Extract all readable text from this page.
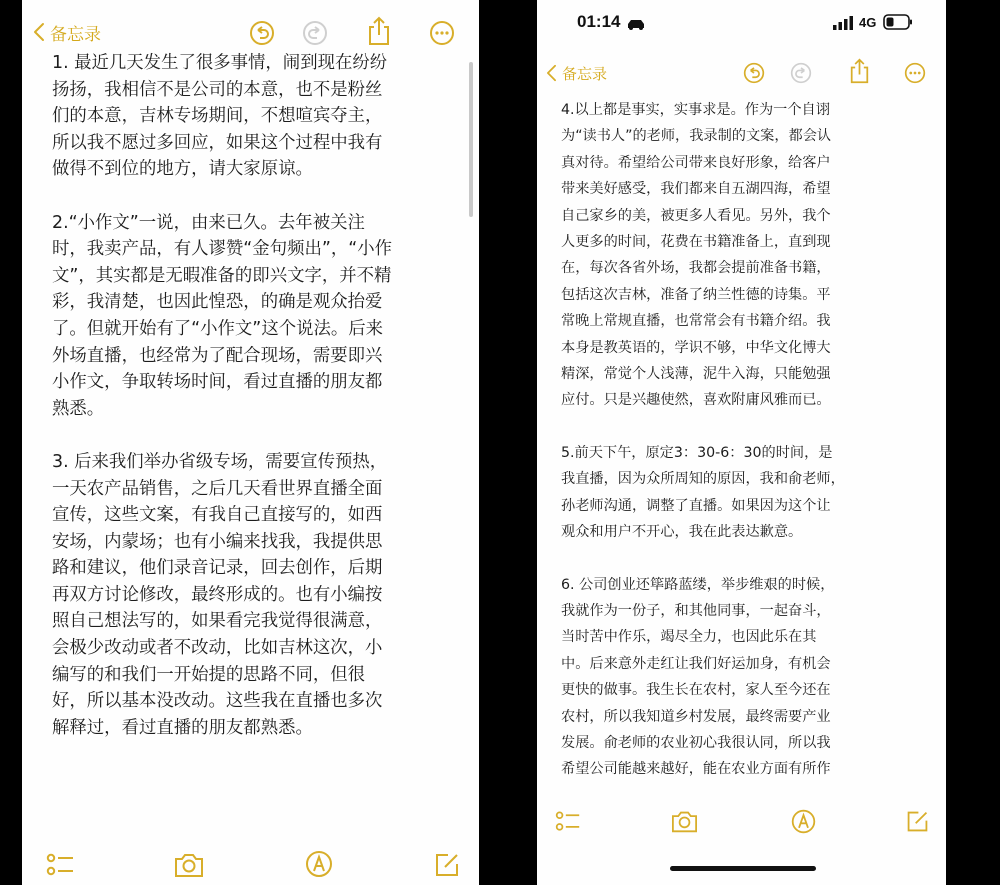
备忘录

1. 最近几天发生了很多事情，闹到现在纷纷
扬扬，我相信不是公司的本意，也不是粉丝
们的本意，吉林专场期间，不想喧宾夺主，
所以我不愿过多回应，如果这个过程中我有
做得不到位的地方，请大家原谅。

2.“小作文”一说，由来已久。去年被关注
时，我卖产品，有人谬赞“金句频出”，“小作
文”，其实都是无暇准备的即兴文字，并不精
彩，我清楚，也因此惶恐，的确是观众抬爱
了。但就开始有了“小作文”这个说法。后来
外场直播，也经常为了配合现场，需要即兴
小作文，争取转场时间，看过直播的朋友都
熟悉。

3. 后来我们举办省级专场，需要宣传预热，
一天农产品销售，之后几天看世界直播全面
宣传，这些文案，有我自己直接写的，如西
安场，内蒙场；也有小编来找我，我提供思
路和建议，他们录音记录，回去创作，后期
再双方讨论修改，最终形成的。也有小编按
照自己想法写的，如果看完我觉得很满意，
会极少改动或者不改动，比如吉林这次，小
编写的和我们一开始提的思路不同，但很
好，所以基本没改动。这些我在直播也多次
解释过，看过直播的朋友都熟悉。

01:14	4G
备忘录

4.以上都是事实，实事求是。作为一个自诩
为“读书人”的老师，我录制的文案，都会认
真对待。希望给公司带来良好形象，给客户
带来美好感受，我们都来自五湖四海，希望
自己家乡的美，被更多人看见。另外，我个
人更多的时间，花费在书籍准备上，直到现
在，每次各省外场，我都会提前准备书籍，
包括这次吉林，准备了纳兰性德的诗集。平
常晚上常规直播，也常常会有书籍介绍。我
本身是教英语的，学识不够，中华文化博大
精深，常觉个人浅薄，泥牛入海，只能勉强
应付。只是兴趣使然，喜欢附庸风雅而已。

5.前天下午，原定3：30-6：30的时间，是
我直播，因为众所周知的原因，我和俞老师，
孙老师沟通，调整了直播。如果因为这个让
观众和用户不开心，我在此表达歉意。

6. 公司创业还筚路蓝缕，举步维艰的时候，
我就作为一份子，和其他同事，一起奋斗，
当时苦中作乐，竭尽全力，也因此乐在其
中。后来意外走红让我们好运加身，有机会
更快的做事。我生长在农村，家人至今还在
农村，所以我知道乡村发展，最终需要产业
发展。俞老师的农业初心我很认同，所以我
希望公司能越来越好，能在农业方面有所作
